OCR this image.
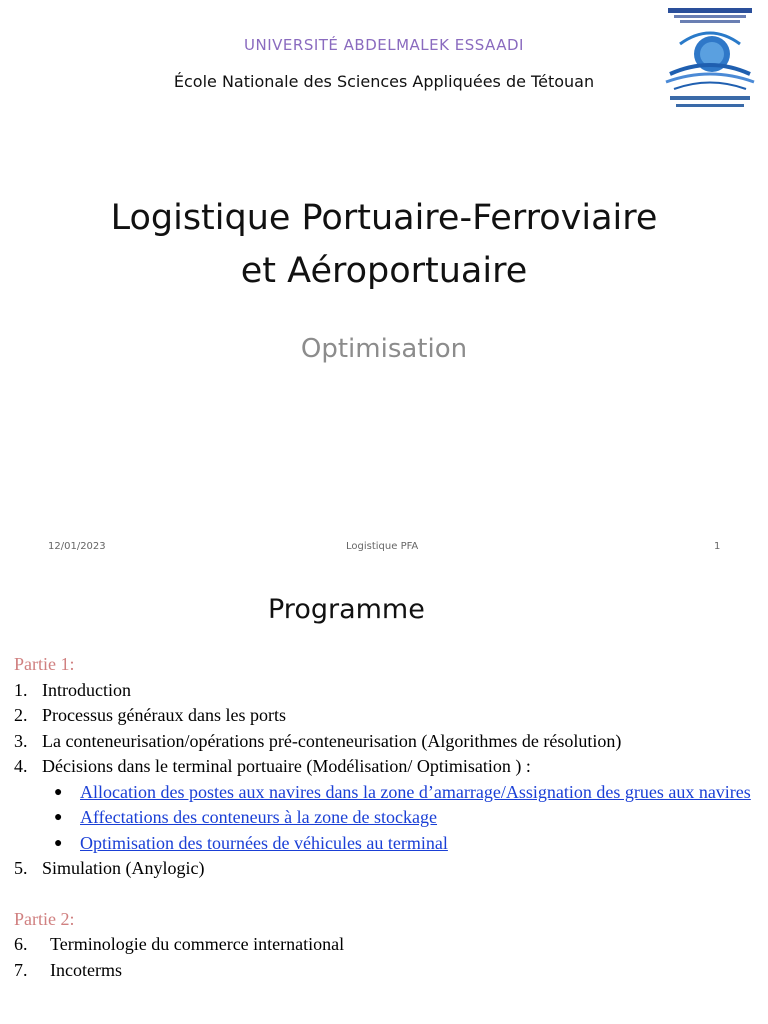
UNIVERSITÉ ABDELMALEK ESSAADI
École Nationale des Sciences Appliquées de Tétouan
Logistique Portuaire-Ferroviaire
et Aéroportuaire
Optimisation
12/01/2023	Logistique PFA	1
Programme
Partie 1:
1. Introduction
2. Processus généraux dans les ports
3. La conteneurisation/opérations pré-conteneurisation (Algorithmes de résolution)
4. Décisions dans le terminal portuaire (Modélisation/ Optimisation ) :
● Allocation des postes aux navires dans la zone d’amarrage/Assignation des grues aux navires
● Affectations des conteneurs à la zone de stockage
● Optimisation des tournées de véhicules au terminal
5. Simulation (Anylogic)
Partie 2:
6. Terminologie du commerce international
7. Incoterms
